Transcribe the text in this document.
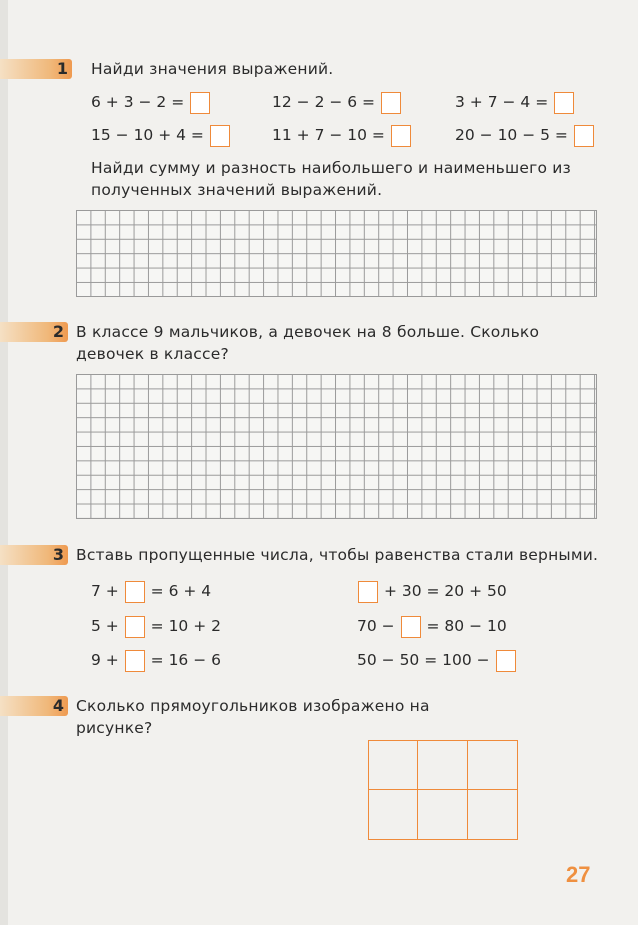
1 Найди значения выражений.
6 + 3 − 2 =	12 − 2 − 6 =	3 + 7 − 4 =
15 − 10 + 4 =	11 + 7 − 10 =	20 − 10 − 5 =
Найди сумму и разность наибольшего и наименьшего из полученных значений выражений.
2 В классе 9 мальчиков, а девочек на 8 больше. Сколько девочек в классе?
3 Вставь пропущенные числа, чтобы равенства стали верными.
7 + = 6 + 4
5 + = 10 + 2
9 + = 16 − 6
+ 30 = 20 + 50
70 − = 80 − 10
50 − 50 = 100 −
4 Сколько прямоугольников изображено на рисунке?
27
